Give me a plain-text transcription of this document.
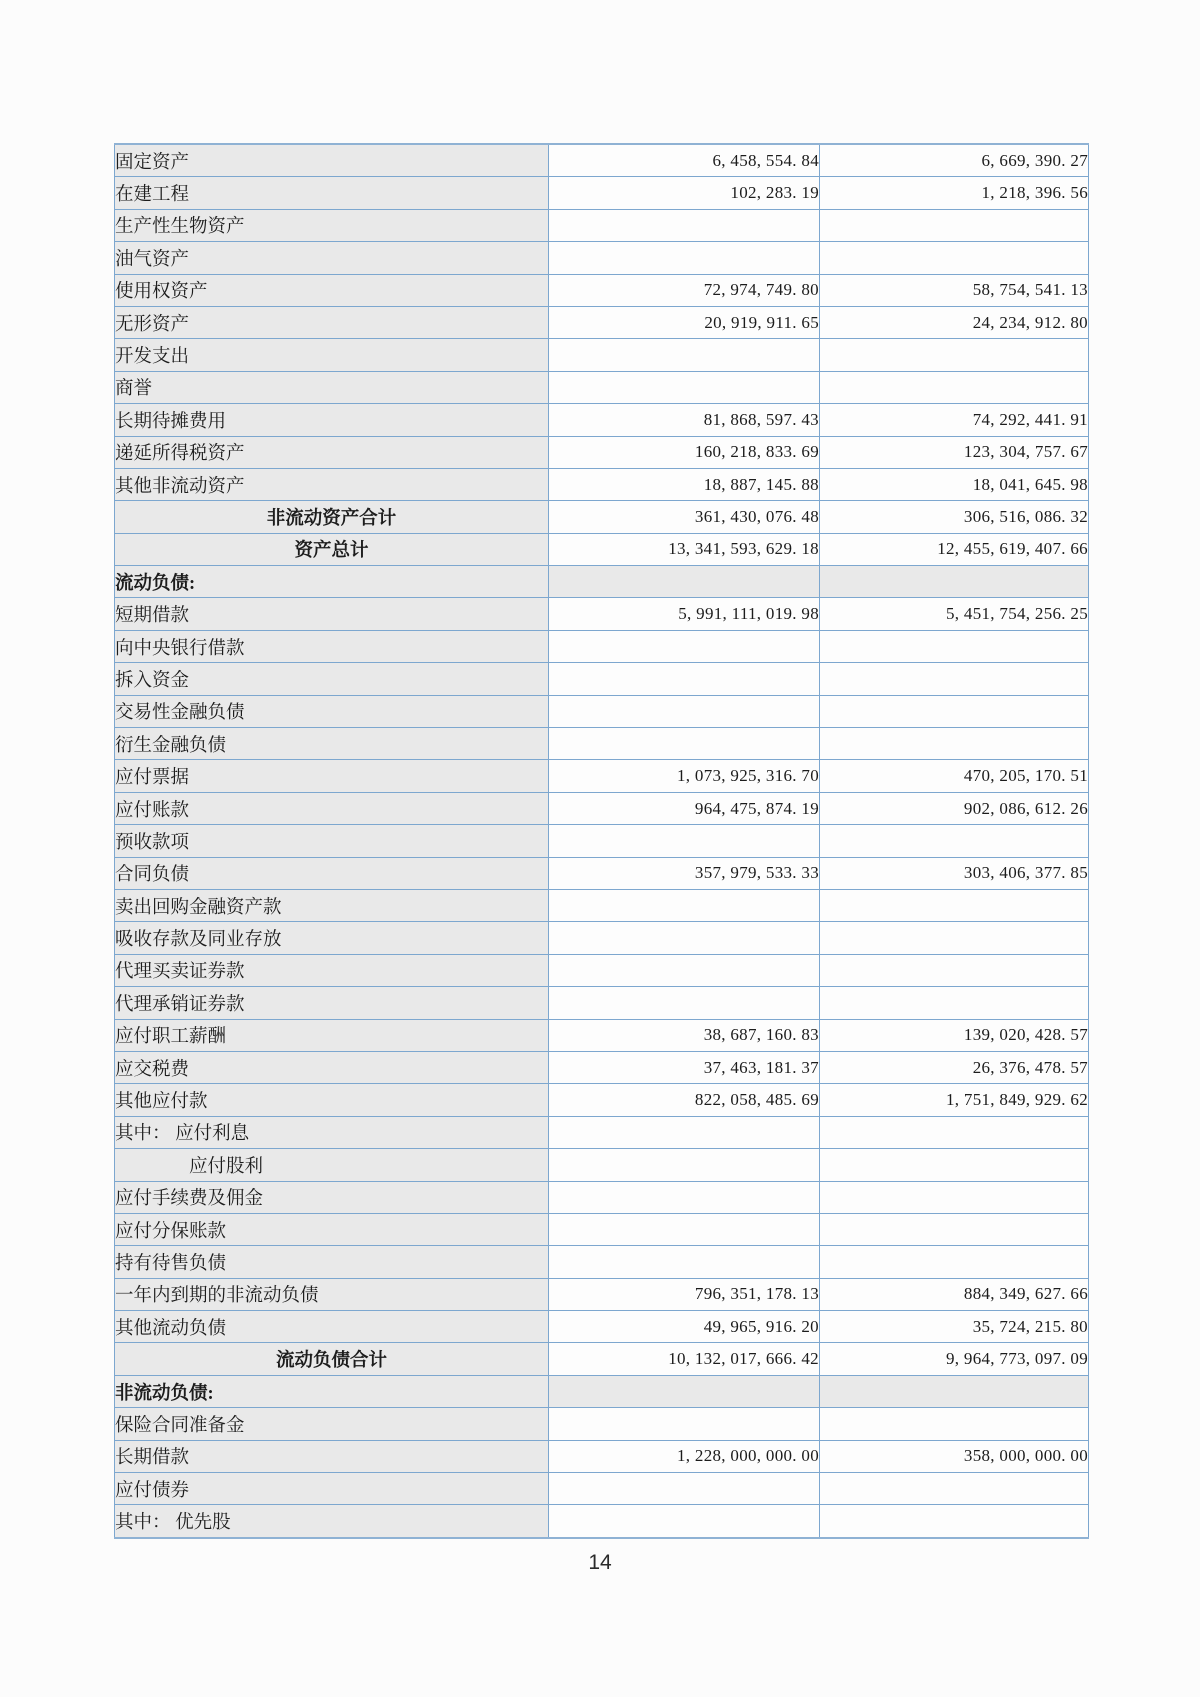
固定资产	6, 458, 554. 84	6, 669, 390. 27
在建工程	102, 283. 19	1, 218, 396. 56
生产性生物资产		
油气资产		
使用权资产	72, 974, 749. 80	58, 754, 541. 13
无形资产	20, 919, 911. 65	24, 234, 912. 80
开发支出		
商誉		
长期待摊费用	81, 868, 597. 43	74, 292, 441. 91
递延所得税资产	160, 218, 833. 69	123, 304, 757. 67
其他非流动资产	18, 887, 145. 88	18, 041, 645. 98
非流动资产合计	361, 430, 076. 48	306, 516, 086. 32
资产总计	13, 341, 593, 629. 18	12, 455, 619, 407. 66
流动负债:		
短期借款	5, 991, 111, 019. 98	5, 451, 754, 256. 25
向中央银行借款		
拆入资金		
交易性金融负债		
衍生金融负债		
应付票据	1, 073, 925, 316. 70	470, 205, 170. 51
应付账款	964, 475, 874. 19	902, 086, 612. 26
预收款项		
合同负债	357, 979, 533. 33	303, 406, 377. 85
卖出回购金融资产款		
吸收存款及同业存放		
代理买卖证券款		
代理承销证券款		
应付职工薪酬	38, 687, 160. 83	139, 020, 428. 57
应交税费	37, 463, 181. 37	26, 376, 478. 57
其他应付款	822, 058, 485. 69	1, 751, 849, 929. 62
其中： 应付利息		
应付股利		
应付手续费及佣金		
应付分保账款		
持有待售负债		
一年内到期的非流动负债	796, 351, 178. 13	884, 349, 627. 66
其他流动负债	49, 965, 916. 20	35, 724, 215. 80
流动负债合计	10, 132, 017, 666. 42	9, 964, 773, 097. 09
非流动负债:		
保险合同准备金		
长期借款	1, 228, 000, 000. 00	358, 000, 000. 00
应付债券		
其中： 优先股		
14
